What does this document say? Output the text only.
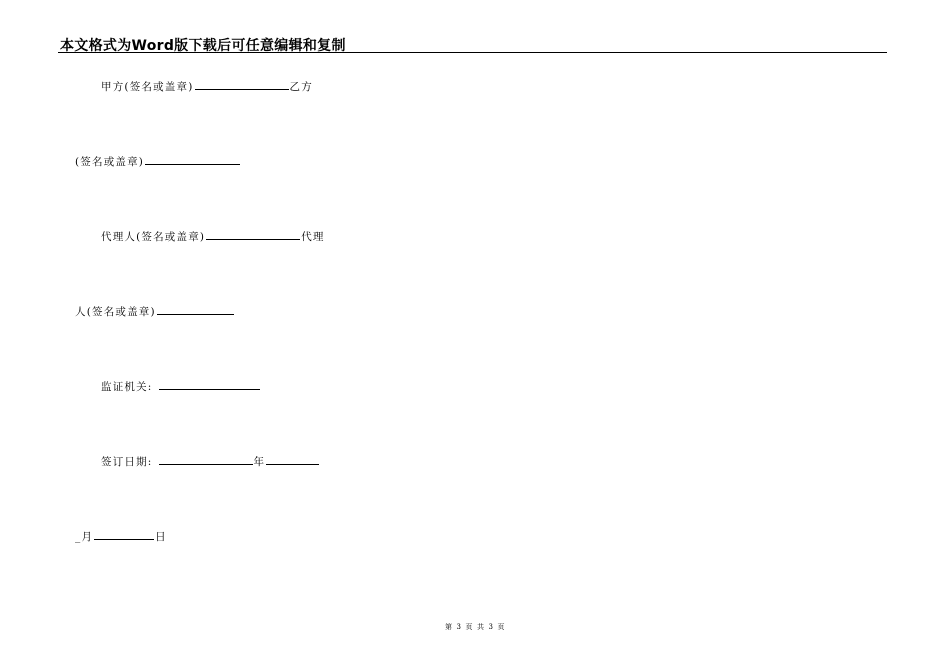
本文格式为Word版下载后可任意编辑和复制
甲方(签名或盖章)	乙方
(签名或盖章)
代理人(签名或盖章)	代理
人(签名或盖章)
监证机关:
签订日期:	年
_月	日
第 3 页 共 3 页
